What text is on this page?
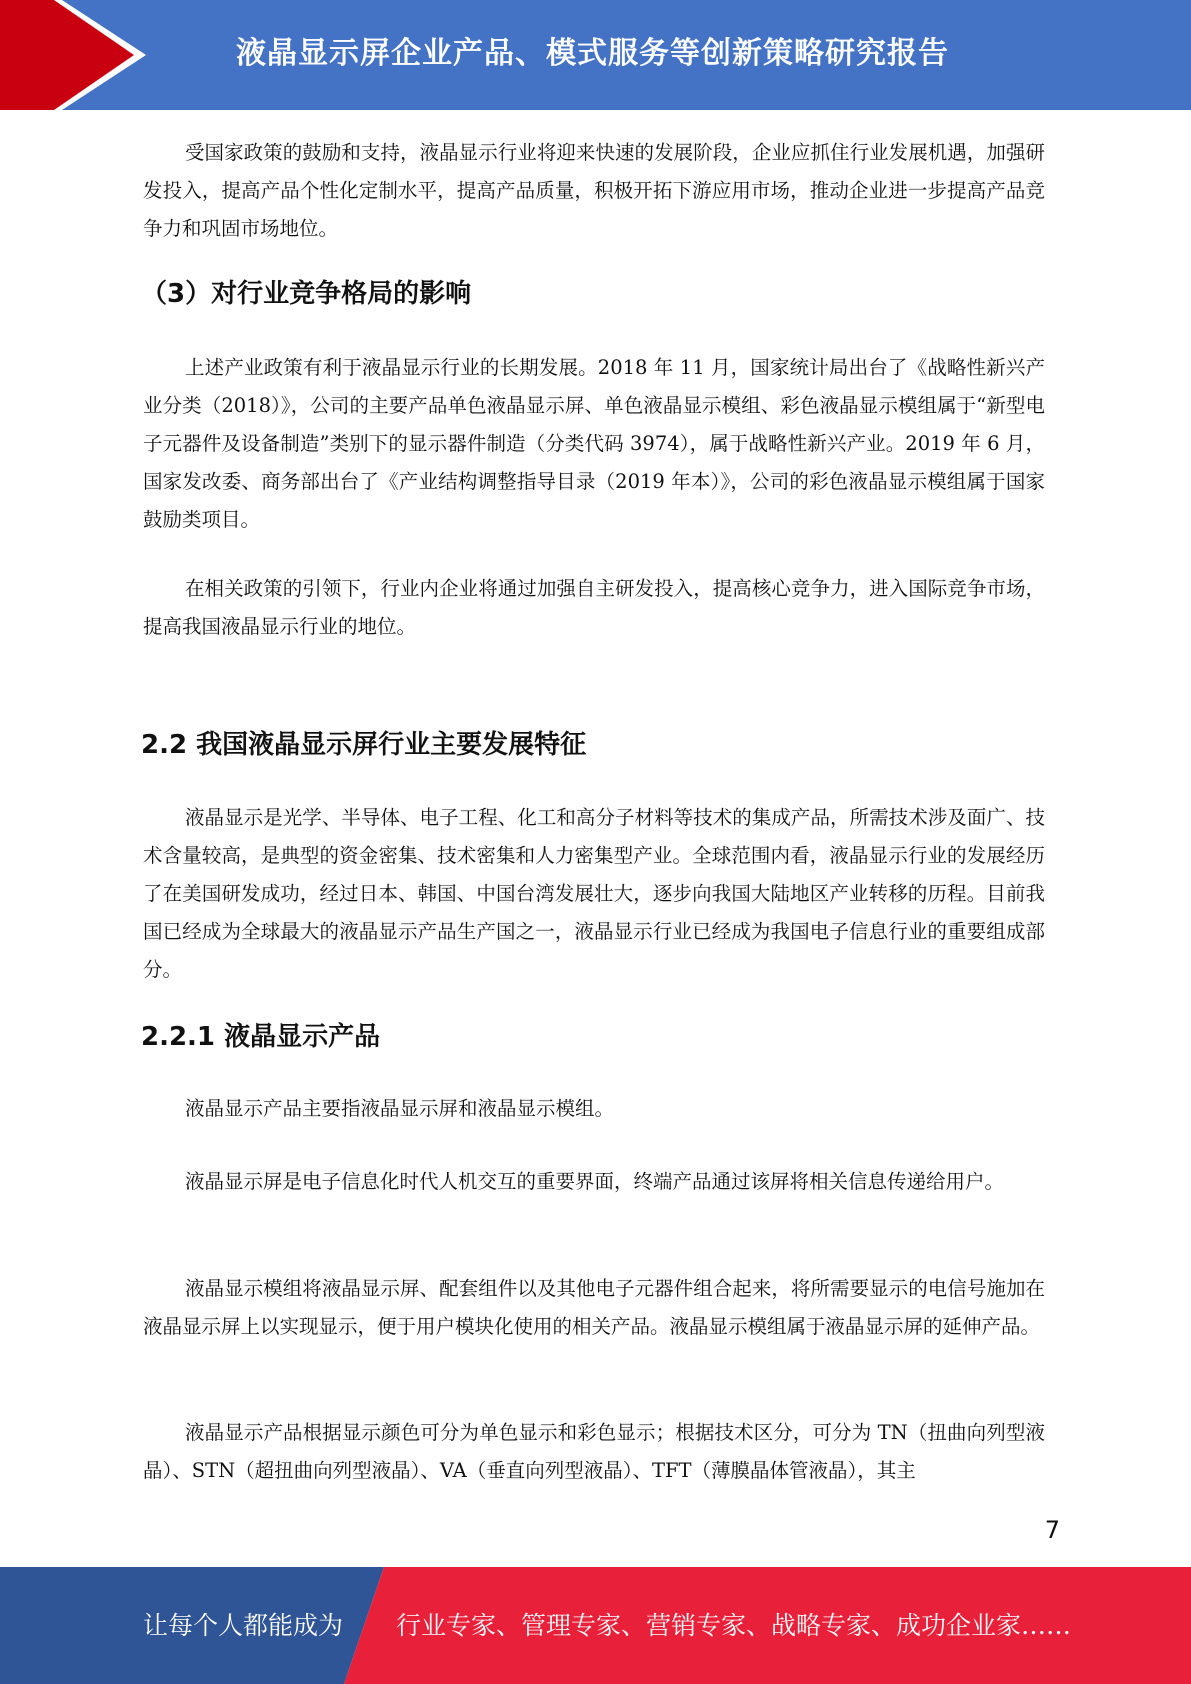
液晶显示屏企业产品、模式服务等创新策略研究报告

受国家政策的鼓励和支持，液晶显示行业将迎来快速的发展阶段，企业应抓住行业发展机遇，加强研发投入，提高产品个性化定制水平，提高产品质量，积极开拓下游应用市场，推动企业进一步提高产品竞争力和巩固市场地位。

（3）对行业竞争格局的影响

上述产业政策有利于液晶显示行业的长期发展。2018 年 11 月，国家统计局出台了《战略性新兴产业分类（2018）》，公司的主要产品单色液晶显示屏、单色液晶显示模组、彩色液晶显示模组属于“新型电子元器件及设备制造”类别下的显示器件制造（分类代码 3974），属于战略性新兴产业。2019 年 6 月，国家发改委、商务部出台了《产业结构调整指导目录（2019 年本）》，公司的彩色液晶显示模组属于国家鼓励类项目。

在相关政策的引领下，行业内企业将通过加强自主研发投入，提高核心竞争力，进入国际竞争市场，提高我国液晶显示行业的地位。

2.2 我国液晶显示屏行业主要发展特征

液晶显示是光学、半导体、电子工程、化工和高分子材料等技术的集成产品，所需技术涉及面广、技术含量较高，是典型的资金密集、技术密集和人力密集型产业。全球范围内看，液晶显示行业的发展经历了在美国研发成功，经过日本、韩国、中国台湾发展壮大，逐步向我国大陆地区产业转移的历程。目前我国已经成为全球最大的液晶显示产品生产国之一，液晶显示行业已经成为我国电子信息行业的重要组成部分。

2.2.1 液晶显示产品

液晶显示产品主要指液晶显示屏和液晶显示模组。

液晶显示屏是电子信息化时代人机交互的重要界面，终端产品通过该屏将相关信息传递给用户。

液晶显示模组将液晶显示屏、配套组件以及其他电子元器件组合起来，将所需要显示的电信号施加在液晶显示屏上以实现显示，便于用户模块化使用的相关产品。液晶显示模组属于液晶显示屏的延伸产品。

液晶显示产品根据显示颜色可分为单色显示和彩色显示；根据技术区分，可分为 TN（扭曲向列型液晶）、STN（超扭曲向列型液晶）、VA（垂直向列型液晶）、TFT（薄膜晶体管液晶），其主

7
让每个人都能成为 行业专家、管理专家、营销专家、战略专家、成功企业家……
